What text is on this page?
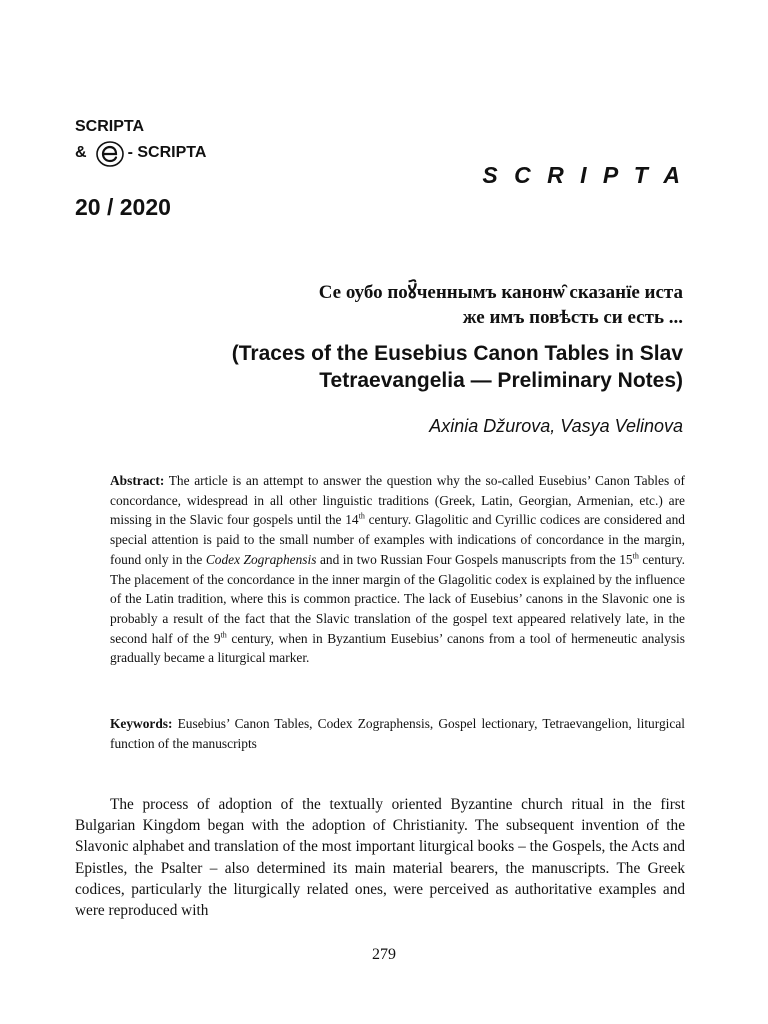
SCRIPTA
&	- SCRIPTA
S C R I P T A
20 / 2020
Се оубо поꙋ҄ченнымъ канонѡ̑ сказанїе иста
же имъ повѣсть си есть ...
(Traces of the Eusebius Canon Tables in Slav
Tetraevangelia — Preliminary Notes)
Axinia Džurova, Vasya Velinova
Abstract: The article is an attempt to answer the question why the so-called Eusebius’ Canon Tables of concordance, widespread in all other linguistic traditions (Greek, Latin, Georgian, Armenian, etc.) are missing in the Slavic four gospels until the 14th century. Glagolitic and Cyrillic codices are considered and special attention is paid to the small number of examples with indications of concordance in the margin, found only in the Codex Zographensis and in two Russian Four Gospels manuscripts from the 15th century. The placement of the concordance in the inner margin of the Glagolitic codex is explained by the influence of the Latin tradition, where this is common practice. The lack of Eusebius’ canons in the Slavonic one is probably a result of the fact that the Slavic translation of the gospel text appeared relatively late, in the second half of the 9th century, when in Byzantium Eusebius’ canons from a tool of hermeneutic analysis gradually became a liturgical marker.
Keywords: Eusebius’ Canon Tables, Codex Zographensis, Gospel lectionary, Tetraevangelion, liturgical function of the manuscripts

The process of adoption of the textually oriented Byzantine church ritual in the first Bulgarian Kingdom began with the adoption of Christianity. The subsequent invention of the Slavonic alphabet and translation of the most important liturgical books – the Gospels, the Acts and Epistles, the Psalter – also determined its main material bearers, the manuscripts. The Greek codices, particularly the liturgically related ones, were perceived as authoritative examples and were reproduced with

279
